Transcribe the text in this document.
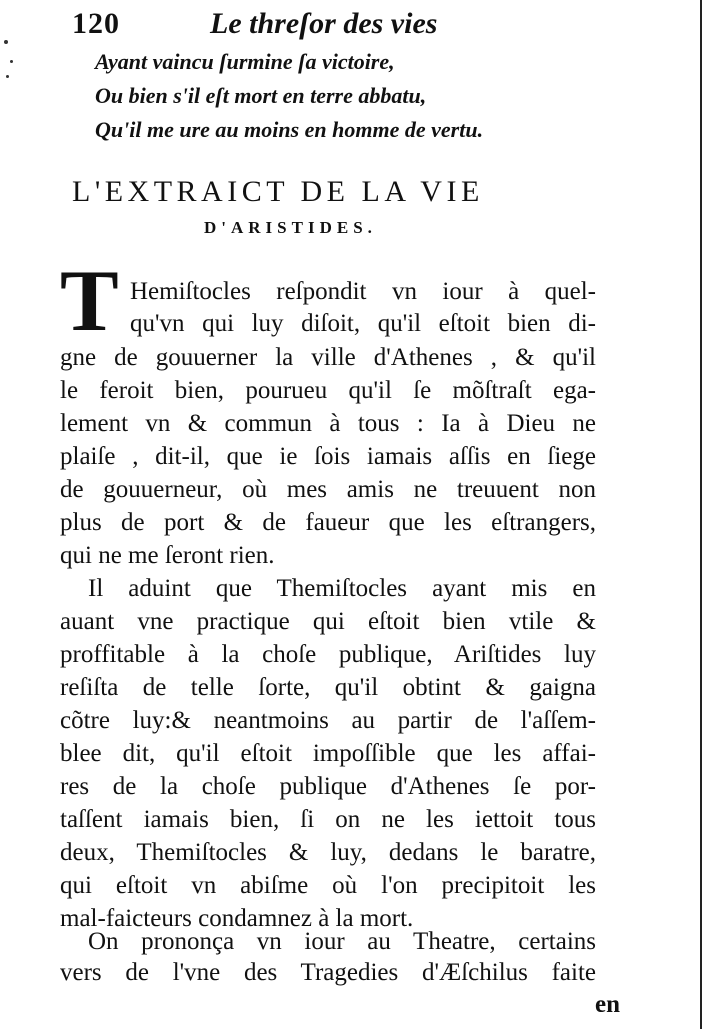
120	Le threſor des vies
Ayant vaincu ſurmine ſa victoire,
Ou bien s'il eſt mort en terre abbatu,
Qu'il me ure au moins en homme de vertu.
L'EXTRAICT DE LA VIE
D'ARISTIDES.
T Hemiſtocles reſpondit vn iour à quel-
qu'vn qui luy diſoit, qu'il eſtoit bien di-
gne de gouuerner la ville d'Athenes , & qu'il
le feroit bien, pourueu qu'il ſe mõſtraſt ega-
lement vn & commun à tous : Ia à Dieu ne
plaiſe , dit-il, que ie ſois iamais aſſis en ſiege
de gouuerneur, où mes amis ne treuuent non
plus de port & de faueur que les eſtrangers,
qui ne me ſeront rien.
Il aduint que Themiſtocles ayant mis en
auant vne practique qui eſtoit bien vtile &
proffitable à la choſe publique, Ariſtides luy
reſiſta de telle ſorte, qu'il obtint & gaigna
cõtre luy:& neantmoins au partir de l'aſſem-
blee dit, qu'il eſtoit impoſſible que les affai-
res de la choſe publique d'Athenes ſe por-
taſſent iamais bien, ſi on ne les iettoit tous
deux, Themiſtocles & luy, dedans le baratre,
qui eſtoit vn abiſme où l'on precipitoit les
mal-faicteurs condamnez à la mort.
On prononça vn iour au Theatre, certains
vers de l'vne des Tragedies d'Æſchilus faite
en
